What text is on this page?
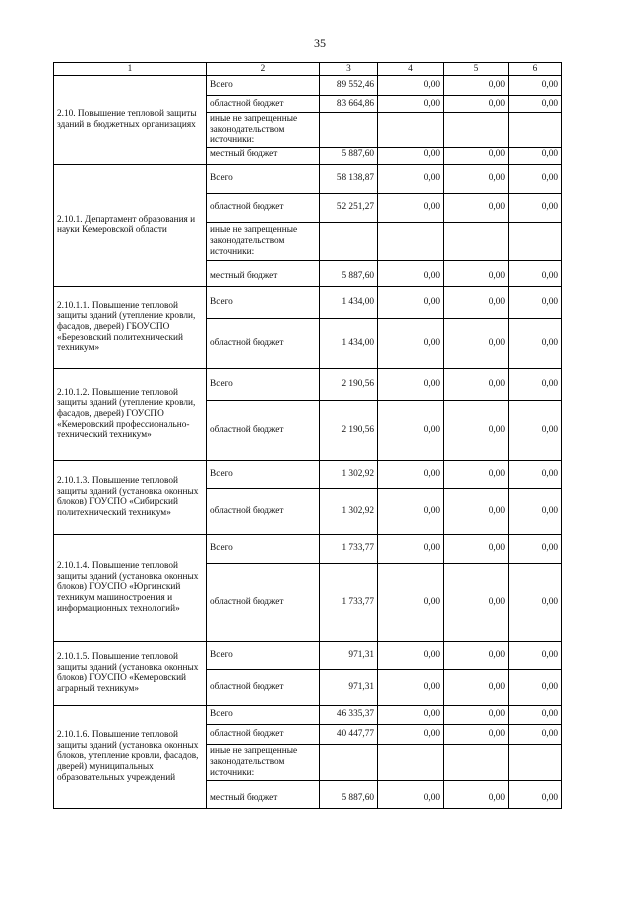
35
1	2	3	4	5	6
2.10. Повышение тепловой защиты зданий в бюджетных организациях	Всего	89 552,46	0,00	0,00	0,00
	областной бюджет	83 664,86	0,00	0,00	0,00
	иные не запрещенные законодательством источники:				
	местный бюджет	5 887,60	0,00	0,00	0,00
2.10.1. Департамент образования и науки Кемеровской области	Всего	58 138,87	0,00	0,00	0,00
	областной бюджет	52 251,27	0,00	0,00	0,00
	иные не запрещенные законодательством источники:				
	местный бюджет	5 887,60	0,00	0,00	0,00
2.10.1.1. Повышение тепловой защиты зданий (утепление кровли, фасадов, дверей) ГБОУСПО «Березовский политехнический техникум»	Всего	1 434,00	0,00	0,00	0,00
	областной бюджет	1 434,00	0,00	0,00	0,00
2.10.1.2. Повышение тепловой защиты зданий (утепление кровли, фасадов, дверей) ГОУСПО «Кемеровский профессионально-технический техникум»	Всего	2 190,56	0,00	0,00	0,00
	областной бюджет	2 190,56	0,00	0,00	0,00
2.10.1.3. Повышение тепловой защиты зданий (установка оконных блоков) ГОУСПО «Сибирский политехнический техникум»	Всего	1 302,92	0,00	0,00	0,00
	областной бюджет	1 302,92	0,00	0,00	0,00
2.10.1.4. Повышение тепловой защиты зданий (установка оконных блоков) ГОУСПО «Юргинский техникум машиностроения и информационных технологий»	Всего	1 733,77	0,00	0,00	0,00
	областной бюджет	1 733,77	0,00	0,00	0,00
2.10.1.5. Повышение тепловой защиты зданий (установка оконных блоков) ГОУСПО «Кемеровский аграрный техникум»	Всего	971,31	0,00	0,00	0,00
	областной бюджет	971,31	0,00	0,00	0,00
2.10.1.6. Повышение тепловой защиты зданий (установка оконных блоков, утепление кровли, фасадов, дверей) муниципальных образовательных учреждений	Всего	46 335,37	0,00	0,00	0,00
	областной бюджет	40 447,77	0,00	0,00	0,00
	иные не запрещенные законодательством источники:				
	местный бюджет	5 887,60	0,00	0,00	0,00
